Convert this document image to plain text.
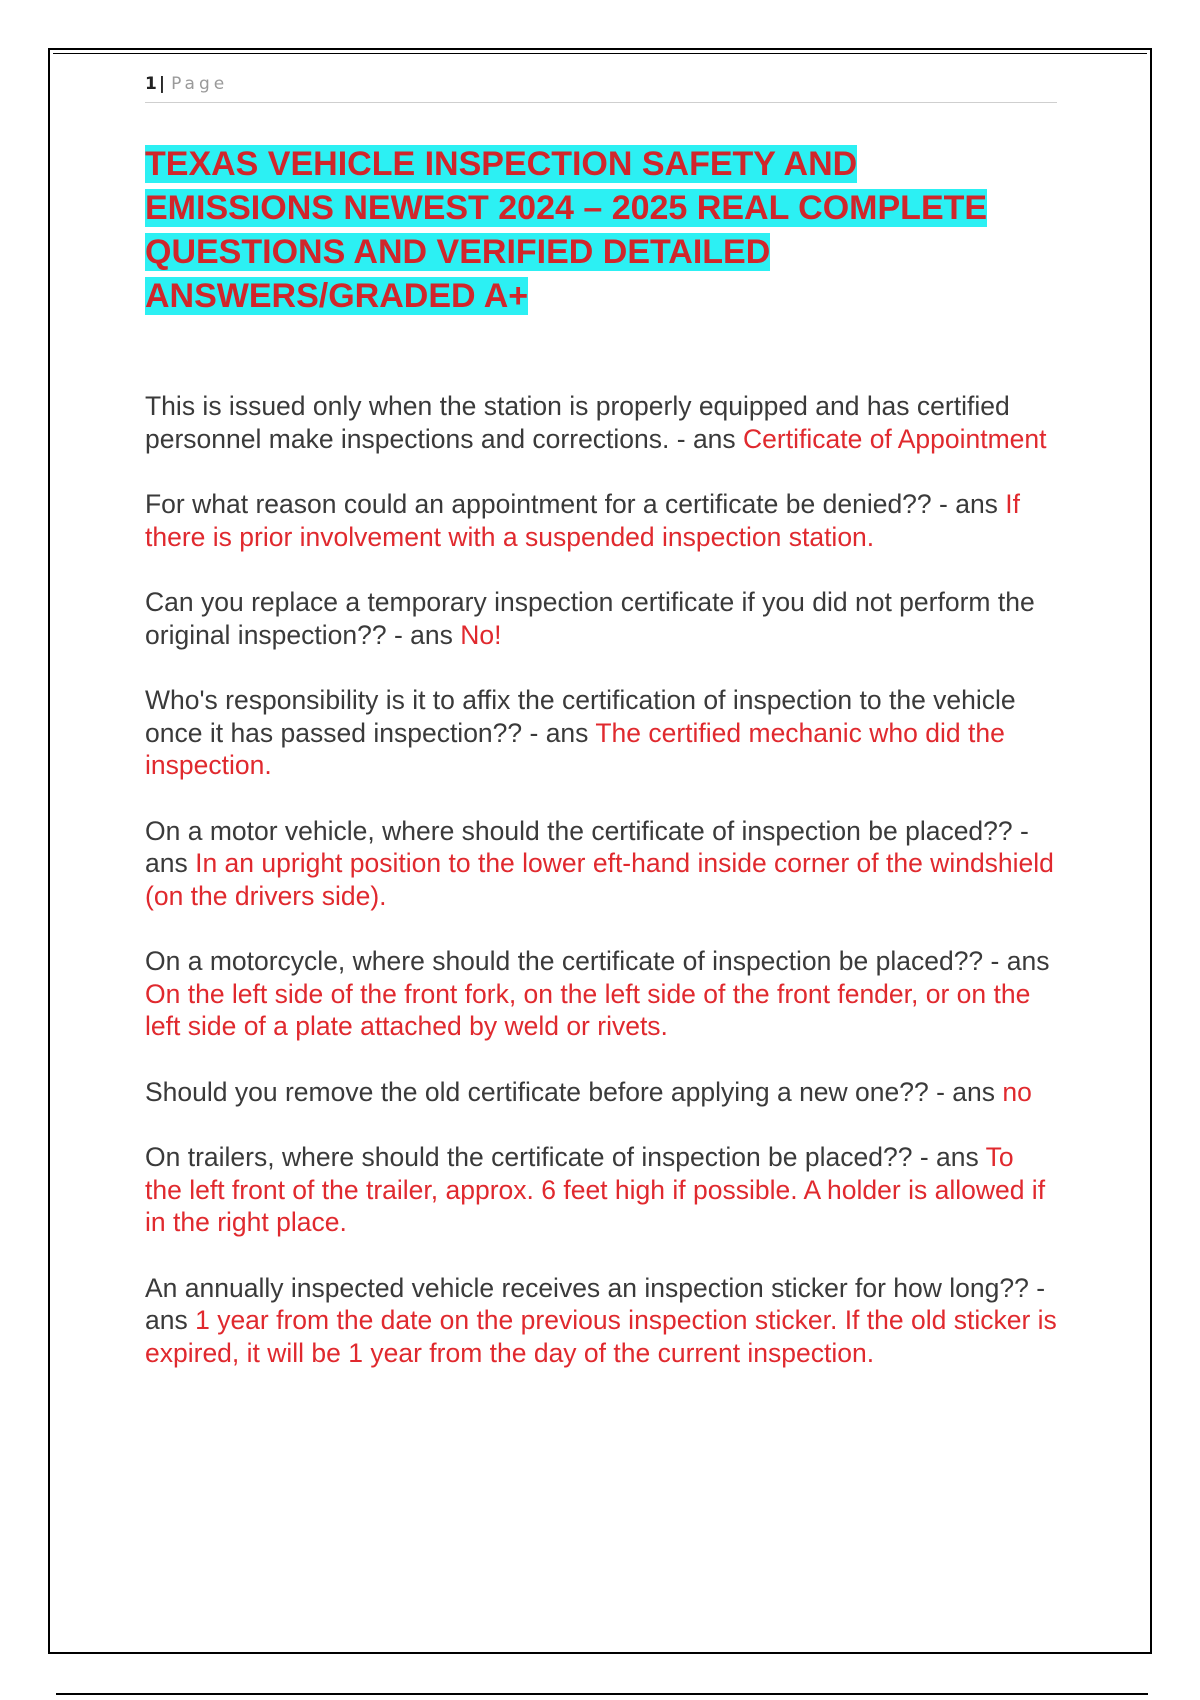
1 | Page
TEXAS VEHICLE INSPECTION SAFETY AND
EMISSIONS NEWEST 2024 – 2025 REAL COMPLETE
QUESTIONS AND VERIFIED DETAILED
ANSWERS/GRADED A+
This is issued only when the station is properly equipped and has certified personnel make inspections and corrections. - ans Certificate of Appointment
For what reason could an appointment for a certificate be denied?? - ans If there is prior involvement with a suspended inspection station.
Can you replace a temporary inspection certificate if you did not perform the original inspection?? - ans No!
Who's responsibility is it to affix the certification of inspection to the vehicle once it has passed inspection?? - ans The certified mechanic who did the inspection.
On a motor vehicle, where should the certificate of inspection be placed?? - ans In an upright position to the lower eft-hand inside corner of the windshield (on the drivers side).
On a motorcycle, where should the certificate of inspection be placed?? - ans On the left side of the front fork, on the left side of the front fender, or on the left side of a plate attached by weld or rivets.
Should you remove the old certificate before applying a new one?? - ans no
On trailers, where should the certificate of inspection be placed?? - ans To the left front of the trailer, approx. 6 feet high if possible. A holder is allowed if in the right place.
An annually inspected vehicle receives an inspection sticker for how long?? - ans 1 year from the date on the previous inspection sticker. If the old sticker is expired, it will be 1 year from the day of the current inspection.
